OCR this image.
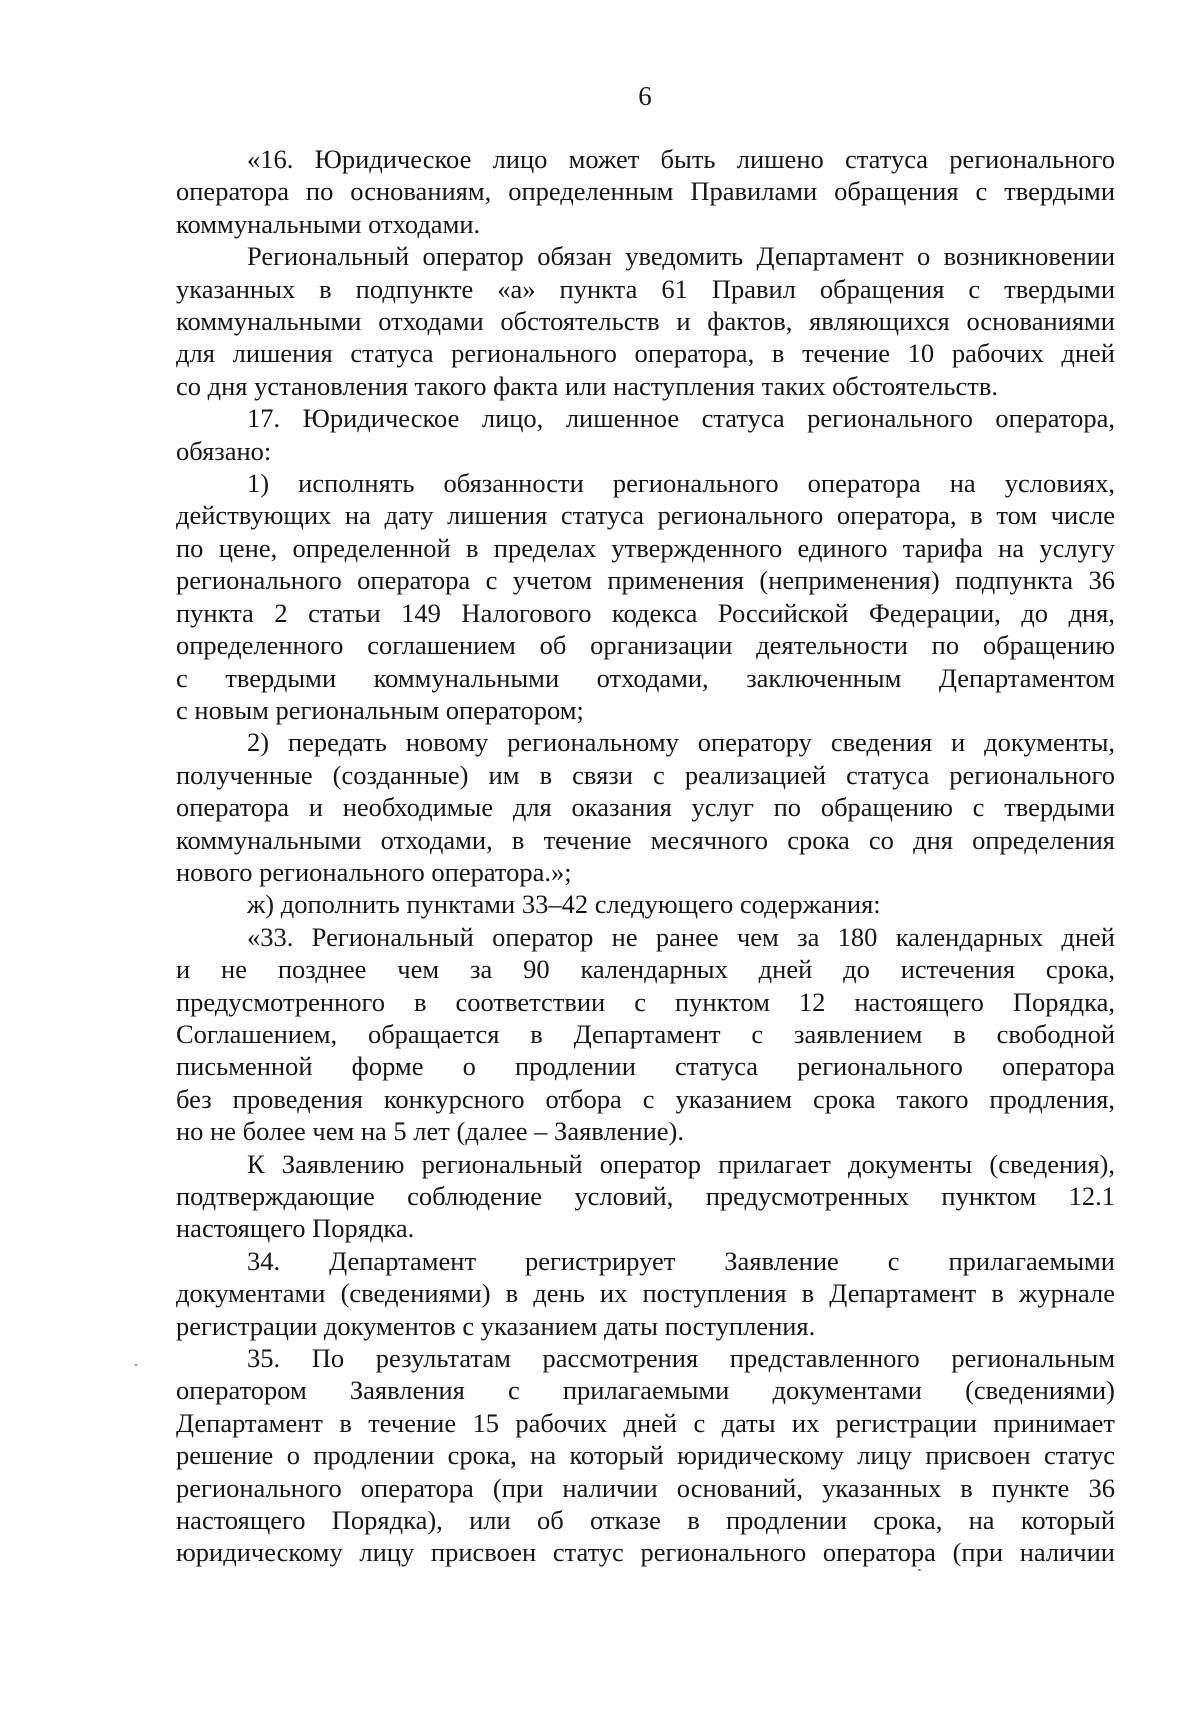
6

«16. Юридическое лицо может быть лишено статуса регионального
оператора по основаниям, определенным Правилами обращения с твердыми
коммунальными отходами.

Региональный оператор обязан уведомить Департамент о возникновении
указанных в подпункте «а» пункта 61 Правил обращения с твердыми
коммунальными отходами обстоятельств и фактов, являющихся основаниями
для лишения статуса регионального оператора, в течение 10 рабочих дней
со дня установления такого факта или наступления таких обстоятельств.

17. Юридическое лицо, лишенное статуса регионального оператора,
обязано:

1) исполнять обязанности регионального оператора на условиях,
действующих на дату лишения статуса регионального оператора, в том числе
по цене, определенной в пределах утвержденного единого тарифа на услугу
регионального оператора с учетом применения (неприменения) подпункта 36
пункта 2 статьи 149 Налогового кодекса Российской Федерации, до дня,
определенного соглашением об организации деятельности по обращению
с твердыми коммунальными отходами, заключенным Департаментом
с новым региональным оператором;

2) передать новому региональному оператору сведения и документы,
полученные (созданные) им в связи с реализацией статуса регионального
оператора и необходимые для оказания услуг по обращению с твердыми
коммунальными отходами, в течение месячного срока со дня определения
нового регионального оператора.»;

ж) дополнить пунктами 33–42 следующего содержания:

«33. Региональный оператор не ранее чем за 180 календарных дней
и не позднее чем за 90 календарных дней до истечения срока,
предусмотренного в соответствии с пунктом 12 настоящего Порядка,
Соглашением, обращается в Департамент с заявлением в свободной
письменной форме о продлении статуса регионального оператора
без проведения конкурсного отбора с указанием срока такого продления,
но не более чем на 5 лет (далее – Заявление).

К Заявлению региональный оператор прилагает документы (сведения),
подтверждающие соблюдение условий, предусмотренных пунктом 12.1
настоящего Порядка.

34. Департамент регистрирует Заявление с прилагаемыми
документами (сведениями) в день их поступления в Департамент в журнале
регистрации документов с указанием даты поступления.

35. По результатам рассмотрения представленного региональным
оператором Заявления с прилагаемыми документами (сведениями)
Департамент в течение 15 рабочих дней с даты их регистрации принимает
решение о продлении срока, на который юридическому лицу присвоен статус
регионального оператора (при наличии оснований, указанных в пункте 36
настоящего Порядка), или об отказе в продлении срока, на который
юридическому лицу присвоен статус регионального оператора (при наличии
